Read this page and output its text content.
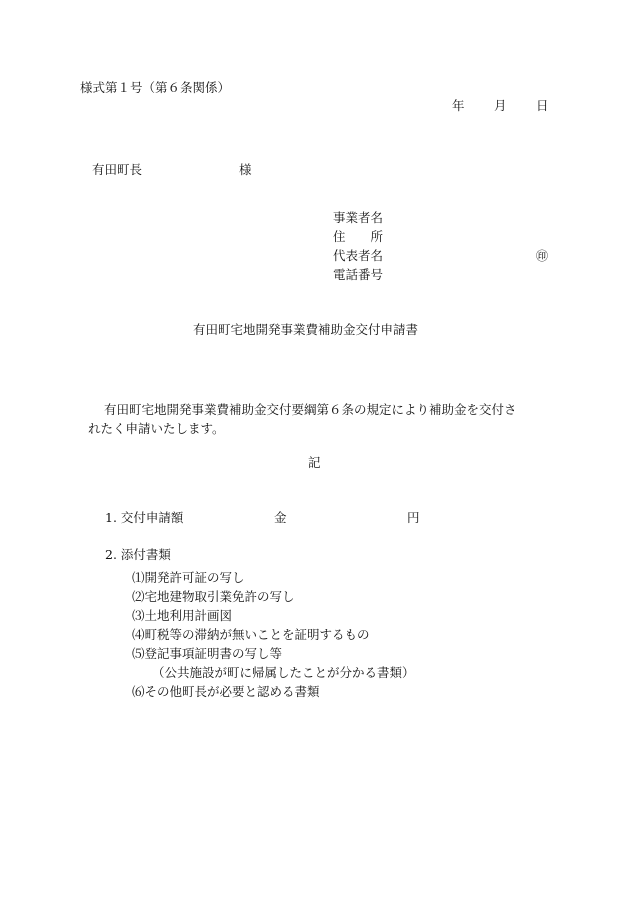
様式第１号（第６条関係）
年 月 日
有田町長	様
事業者名
住　　所
代表者名	㊞
電話番号
有田町宅地開発事業費補助金交付申請書
有田町宅地開発事業費補助金交付要綱第６条の規定により補助金を交付さ
れたく申請いたします。
記
1. 交付申請額	金	円
2. 添付書類
⑴開発許可証の写し
⑵宅地建物取引業免許の写し
⑶土地利用計画図
⑷町税等の滞納が無いことを証明するもの
⑸登記事項証明書の写し等
（公共施設が町に帰属したことが分かる書類）
⑹その他町長が必要と認める書類
